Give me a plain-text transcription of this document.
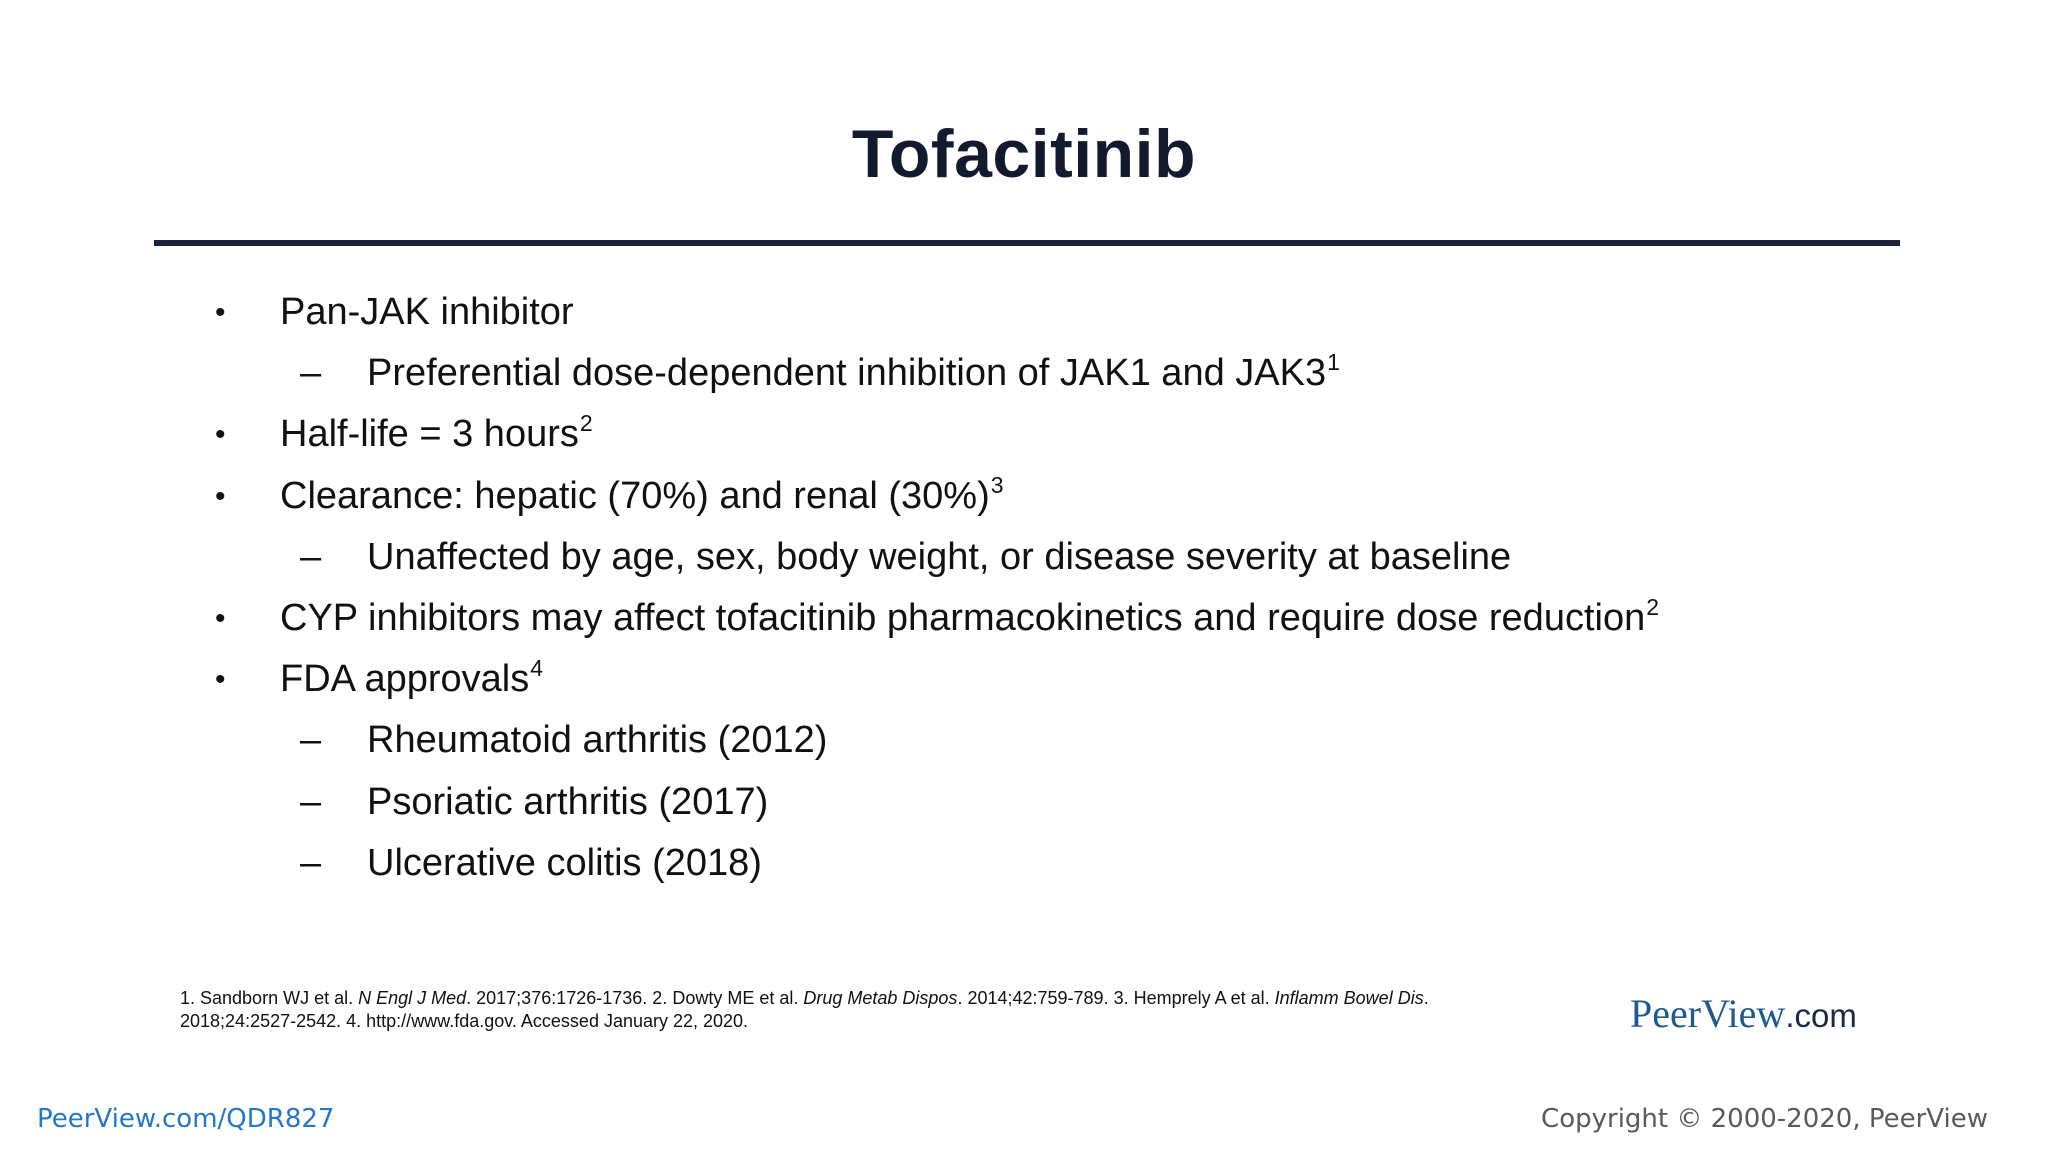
Tofacitinib
• Pan-JAK inhibitor
– Preferential dose-dependent inhibition of JAK1 and JAK3$^1$
• Half-life = 3 hours$^2$
• Clearance: hepatic (70%) and renal (30%)$^3$
– Unaffected by age, sex, body weight, or disease severity at baseline
• CYP inhibitors may affect tofacitinib pharmacokinetics and require dose reduction$^2$
• FDA approvals$^4$
– Rheumatoid arthritis (2012)
– Psoriatic arthritis (2017)
– Ulcerative colitis (2018)
1. Sandborn WJ et al. N Engl J Med. 2017;376:1726-1736. 2. Dowty ME et al. Drug Metab Dispos. 2014;42:759-789. 3. Hemprely A et al. Inflamm Bowel Dis.
2018;24:2527-2542. 4. http://www.fda.gov. Accessed January 22, 2020.	PeerView.com
PeerView.com/QDR827	Copyright © 2000-2020, PeerView
